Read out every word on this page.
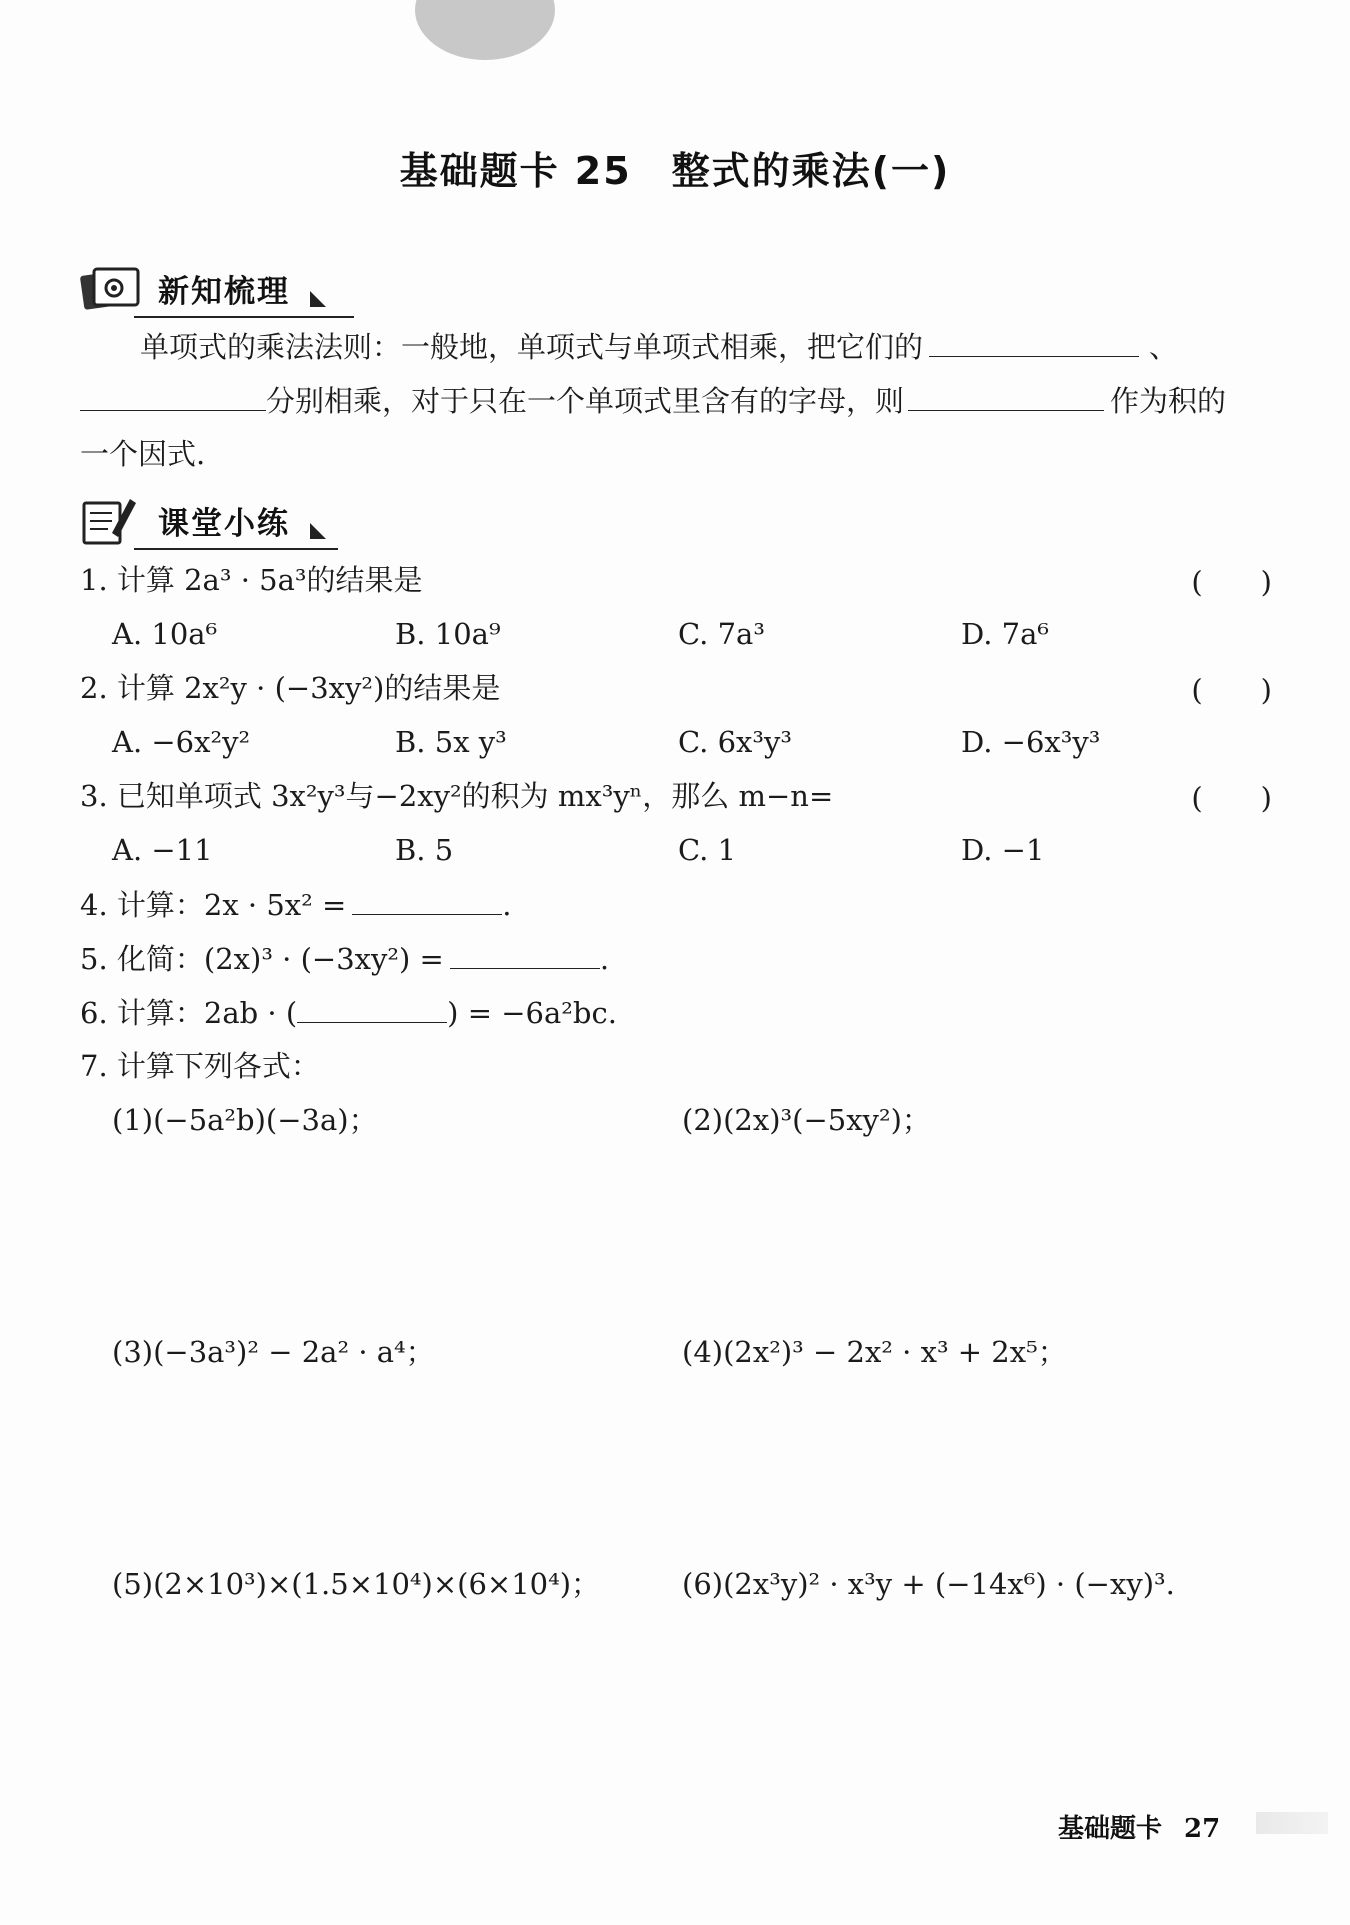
基础题卡 25　整式的乘法(一)
新知梳理
单项式的乘法法则：一般地，单项式与单项式相乘，把它们的	、
分别相乘，对于只在一个单项式里含有的字母，则	作为积的
一个因式.
课堂小练
1. 计算 2a³ · 5a³的结果是	(　　)
A. 10a⁶	B. 10a⁹	C. 7a³	D. 7a⁶
2. 计算 2x²y · (−3xy²)的结果是	(　　)
A. −6x²y²	B. 5x y³	C. 6x³y³	D. −6x³y³
3. 已知单项式 3x²y³与−2xy²的积为 mx³yⁿ，那么 m−n=	(　　)
A. −11	B. 5	C. 1	D. −1
4. 计算：2x · 5x² =	.
5. 化简：(2x)³ · (−3xy²) =	.
6. 计算：2ab · (	) = −6a²bc.
7. 计算下列各式：
(1)(−5a²b)(−3a)；	(2)(2x)³(−5xy²)；
(3)(−3a³)² − 2a² · a⁴；	(4)(2x²)³ − 2x² · x³ + 2x⁵；
(5)(2×10³)×(1.5×10⁴)×(6×10⁴)；	(6)(2x³y)² · x³y + (−14x⁶) · (−xy)³.
基础题卡 27
